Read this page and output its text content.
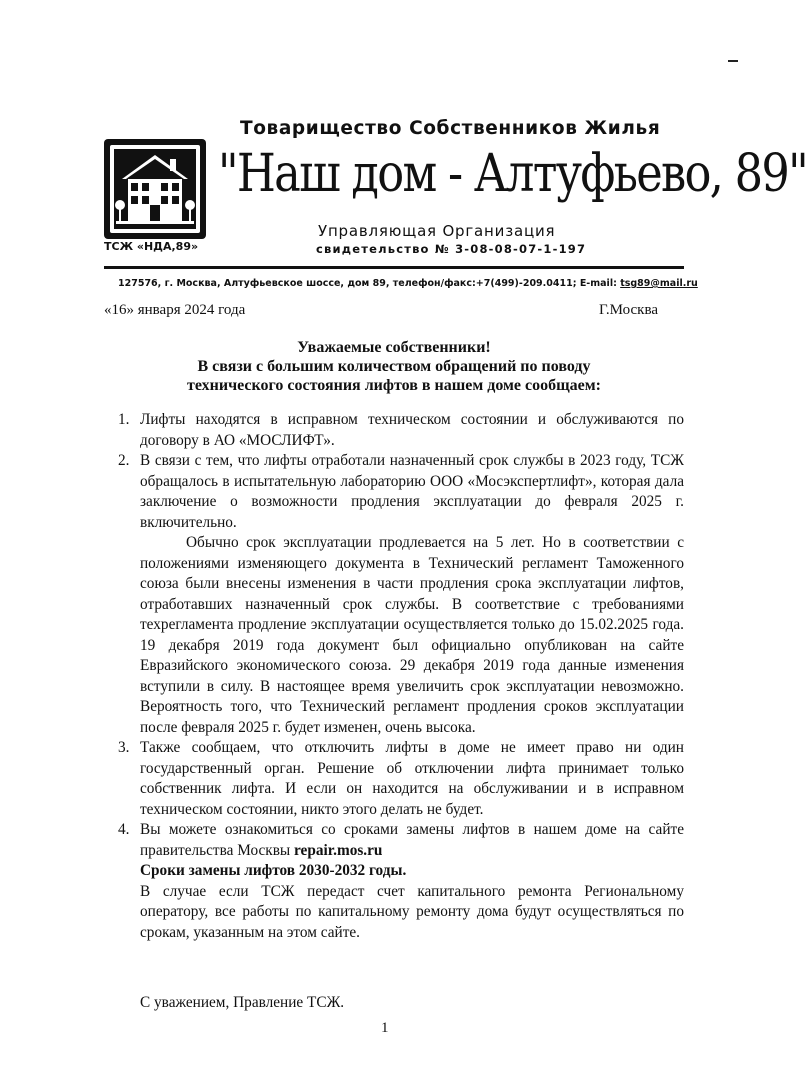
Товарищество Собственников Жилья
ТСЖ «НДА,89»
"Наш дом - Алтуфьево, 89"
Управляющая Организация
свидетельство № 3-08-08-07-1-197
127576, г. Москва, Алтуфьевское шоссе, дом 89, телефон/факс:+7(499)-209.0411; E-mail: tsg89@mail.ru
«16» января 2024 года	Г.Москва
Уважаемые собственники!
В связи с большим количеством обращений по поводу
технического состояния лифтов в нашем доме сообщаем:
1. Лифты находятся в исправном техническом состоянии и обслуживаются по договору в АО «МОСЛИФТ».

2. В связи с тем, что лифты отработали назначенный срок службы в 2023 году, ТСЖ обращалось в испытательную лабораторию ООО «Мосэкспертлифт», которая дала заключение о возможности продления эксплуатации до февраля 2025 г. включительно.

Обычно срок эксплуатации продлевается на 5 лет. Но в соответствии с положениями изменяющего документа в Технический регламент Таможенного союза были внесены изменения в части продления срока эксплуатации лифтов, отработавших назначенный срок службы. В соответствие с требованиями техрегламента продление эксплуатации осуществляется только до 15.02.2025 года. 19 декабря 2019 года документ был официально опубликован на сайте Евразийского экономического союза. 29 декабря 2019 года данные изменения вступили в силу. В настоящее время увеличить срок эксплуатации невозможно. Вероятность того, что Технический регламент продления сроков эксплуатации после февраля 2025 г. будет изменен, очень высока.

3. Также сообщаем, что отключить лифты в доме не имеет право ни один государственный орган. Решение об отключении лифта принимает только собственник лифта. И если он находится на обслуживании и в исправном техническом состоянии, никто этого делать не будет.

4. Вы можете ознакомиться со сроками замены лифтов в нашем доме на сайте правительства Москвы repair.mos.ru

Сроки замены лифтов 2030-2032 годы.

В случае если ТСЖ передаст счет капитального ремонта Региональному оператору, все работы по капитальному ремонту дома будут осуществляться по срокам, указанным на этом сайте.

С уважением, Правление ТСЖ.
1
